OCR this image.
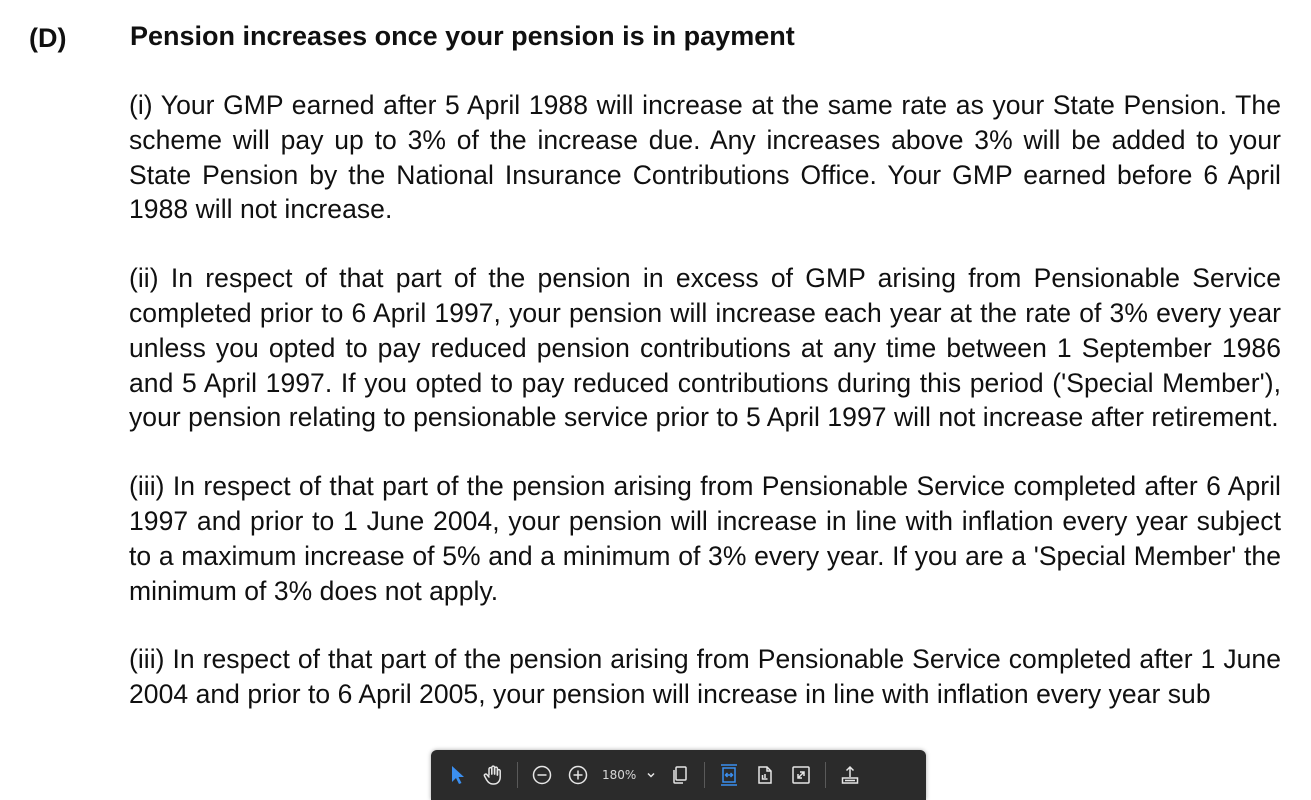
(D) Pension increases once your pension is in payment

(i) Your GMP earned after 5 April 1988 will increase at the same rate as your State Pension. The scheme will pay up to 3% of the increase due. Any increases above 3% will be added to your State Pension by the National Insurance Contributions Office. Your GMP earned before 6 April 1988 will not increase.

(ii) In respect of that part of the pension in excess of GMP arising from Pensionable Service completed prior to 6 April 1997, your pension will increase each year at the rate of 3% every year unless you opted to pay reduced pension contributions at any time between 1 September 1986 and 5 April 1997. If you opted to pay reduced contributions during this period ('Special Member'), your pension relating to pensionable service prior to 5 April 1997 will not increase after retirement.

(iii) In respect of that part of the pension arising from Pensionable Service completed after 6 April 1997 and prior to 1 June 2004, your pension will increase in line with inflation every year subject to a maximum increase of 5% and a minimum of 3% every year. If you are a 'Special Member' the minimum of 3% does not apply.

(iii) In respect of that part of the pension arising from Pensionable Service completed after 1 June 2004 and prior to 6 April 2005, your pension will increase in line with inflation every year sub

180%
